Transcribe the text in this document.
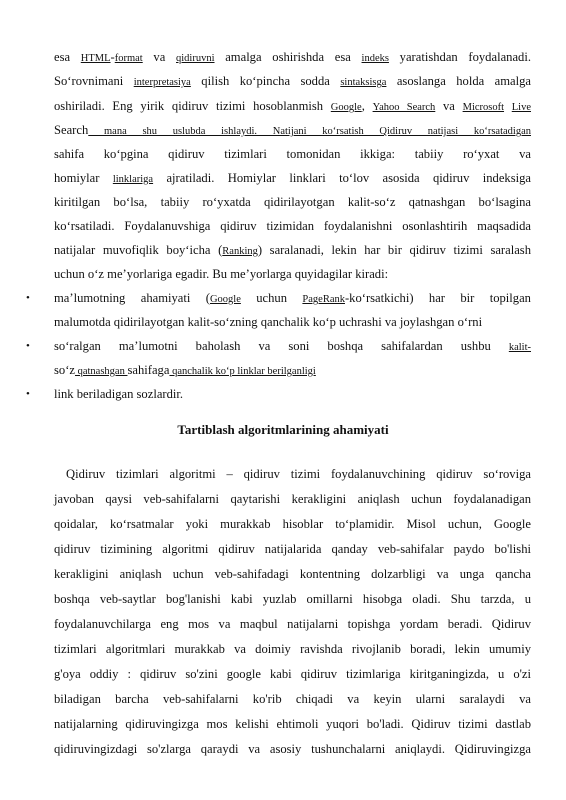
esa HTML-format va qidiruvni amalga oshirishda esa indeks yaratishdan foydalanadi.
So‘rovnimani interpretasiya qilish ko‘pincha sodda sintaksisga asoslanga holda amalga
oshiriladi. Eng yirik qidiruv tizimi hosoblanmish Google, Yahoo Search va Microsoft Live
Search mana shu uslubda ishlaydi. Natijani ko‘rsatish Qidiruv natijasi ko‘rsatadigan
sahifa ko‘pgina qidiruv tizimlari tomonidan ikkiga: tabiiy ro‘yxat va
homiylar linklariga ajratiladi. Homiylar linklari to‘lov asosida qidiruv indeksiga
kiritilgan bo‘lsa, tabiiy ro‘yxatda qidirilayotgan kalit-so‘z qatnashgan bo‘lsagina
ko‘rsatiladi. Foydalanuvshiga qidiruv tizimidan foydalanishni osonlashtirih maqsadida
natijalar muvofiqlik boy‘icha (Ranking) saralanadi, lekin har bir qidiruv tizimi saralash
uchun o‘z me’yorlariga egadir. Bu me’yorlarga quyidagilar kiradi:
• ma’lumotning ahamiyati (Google uchun PageRank-ko‘rsatkichi) har bir topilgan
malumotda qidirilayotgan kalit-so‘zning qanchalik ko‘p uchrashi va joylashgan o‘rni
• so‘ralgan ma’lumotni baholash va soni boshqa sahifalardan ushbu kalit-
so‘z qatnashgan sahifaga qanchalik ko‘p linklar berilganligi
• link beriladigan sozlardir.
Tartiblash algoritmlarining ahamiyati
Qidiruv tizimlari algoritmi – qidiruv tizimi foydalanuvchining qidiruv so‘roviga
javoban qaysi veb-sahifalarni qaytarishi kerakligini aniqlash uchun foydalanadigan
qoidalar, ko‘rsatmalar yoki murakkab hisoblar to‘plamidir. Misol uchun, Google
qidiruv tizimining algoritmi qidiruv natijalarida qanday veb-sahifalar paydo bo'lishi
kerakligini aniqlash uchun veb-sahifadagi kontentning dolzarbligi va unga qancha
boshqa veb-saytlar bog'lanishi kabi yuzlab omillarni hisobga oladi. Shu tarzda, u
foydalanuvchilarga eng mos va maqbul natijalarni topishga yordam beradi. Qidiruv
tizimlari algoritmlari murakkab va doimiy ravishda rivojlanib boradi, lekin umumiy
g'oya oddiy : qidiruv so'zini google kabi qidiruv tizimlariga kiritganingizda, u o'zi
biladigan barcha veb-sahifalarni ko'rib chiqadi va keyin ularni saralaydi va
natijalarning qidiruvingizga mos kelishi ehtimoli yuqori bo'ladi. Qidiruv tizimi dastlab
qidiruvingizdagi so'zlarga qaraydi va asosiy tushunchalarni aniqlaydi. Qidiruvingizga
